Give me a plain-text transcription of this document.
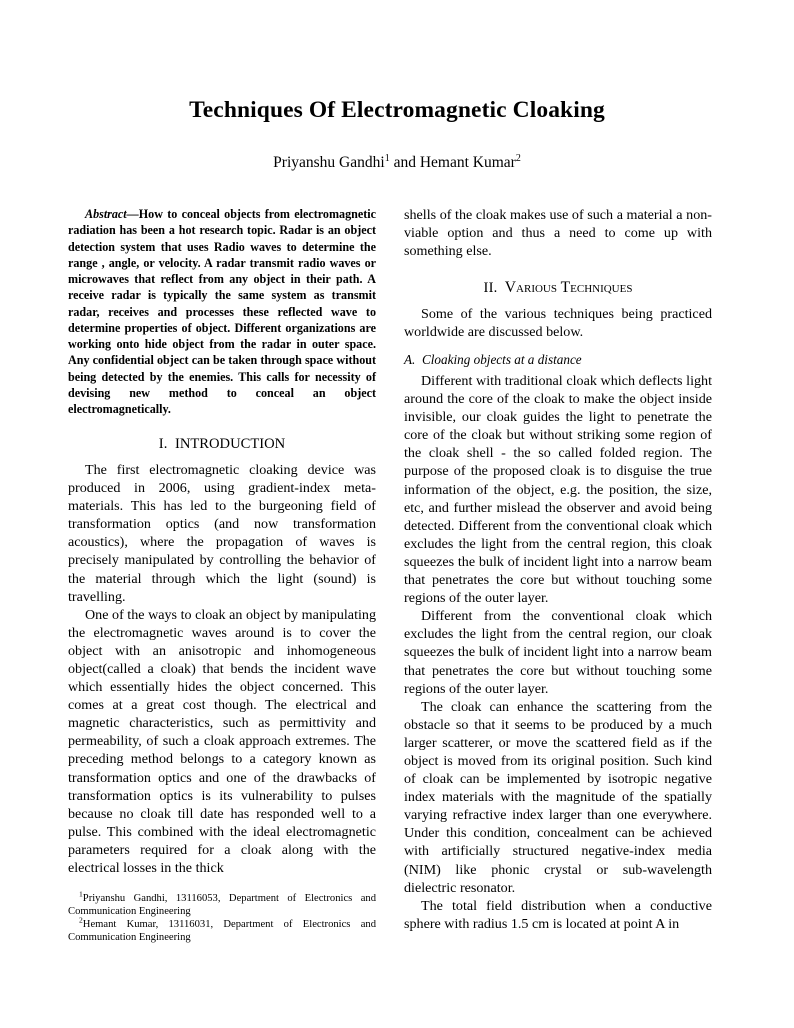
Techniques Of Electromagnetic Cloaking

Priyanshu Gandhi$^1$ and Hemant Kumar$^2$

Abstract—How to conceal objects from electromagnetic radiation has been a hot research topic. Radar is an object detection system that uses Radio waves to determine the range , angle, or velocity. A radar transmit radio waves or microwaves that reflect from any object in their path. A receive radar is typically the same system as transmit radar, receives and processes these reflected wave to determine properties of object. Different organizations are working onto hide object from the radar in outer space. Any confidential object can be taken through space without being detected by the enemies. This calls for necessity of devising new method to conceal an object electromagnetically.

I. INTRODUCTION

The first electromagnetic cloaking device was produced in 2006, using gradient-index meta-materials. This has led to the burgeoning field of transformation optics (and now transformation acoustics), where the propagation of waves is precisely manipulated by controlling the behavior of the material through which the light (sound) is travelling.

One of the ways to cloak an object by manipulating the electromagnetic waves around is to cover the object with an anisotropic and inhomogeneous object(called a cloak) that bends the incident wave which essentially hides the object concerned. This comes at a great cost though. The electrical and magnetic characteristics, such as permittivity and permeability, of such a cloak approach extremes. The preceding method belongs to a category known as transformation optics and one of the drawbacks of transformation optics is its vulnerability to pulses because no cloak till date has responded well to a pulse. This combined with the ideal electromagnetic parameters required for a cloak along with the electrical losses in the thick

shells of the cloak makes use of such a material a non-viable option and thus a need to come up with something else.

II. Various Techniques

Some of the various techniques being practiced worldwide are discussed below.

A. Cloaking objects at a distance

Different with traditional cloak which deflects light around the core of the cloak to make the object inside invisible, our cloak guides the light to penetrate the core of the cloak but without striking some region of the cloak shell - the so called folded region. The purpose of the proposed cloak is to disguise the true information of the object, e.g. the position, the size, etc, and further mislead the observer and avoid being detected. Different from the conventional cloak which excludes the light from the central region, this cloak squeezes the bulk of incident light into a narrow beam that penetrates the core but without touching some regions of the outer layer.

Different from the conventional cloak which excludes the light from the central region, our cloak squeezes the bulk of incident light into a narrow beam that penetrates the core but without touching some regions of the outer layer.

The cloak can enhance the scattering from the obstacle so that it seems to be produced by a much larger scatterer, or move the scattered field as if the object is moved from its original position. Such kind of cloak can be implemented by isotropic negative index materials with the magnitude of the spatially varying refractive index larger than one everywhere. Under this condition, concealment can be achieved with artificially structured negative-index media (NIM) like phonic crystal or sub-wavelength dielectric resonator.

The total field distribution when a conductive sphere with radius 1.5 cm is located at point A in

$^1$Priyanshu Gandhi, 13116053, Department of Electronics and Communication Engineering

$^2$Hemant Kumar, 13116031, Department of Electronics and Communication Engineering
